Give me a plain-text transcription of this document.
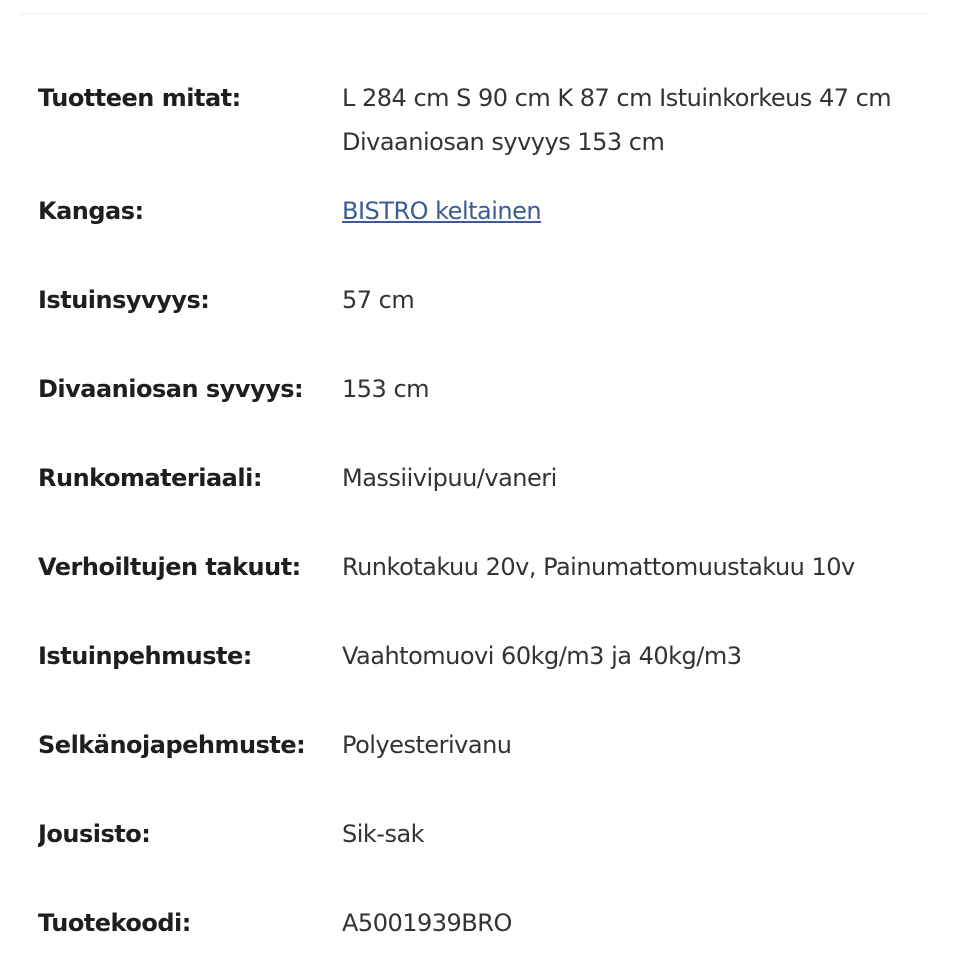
Tuotteen mitat:	L 284 cm S 90 cm K 87 cm Istuinkorkeus 47 cm Divaaniosan syvyys 153 cm
Kangas:	BISTRO keltainen
Istuinsyvyys:	57 cm
Divaaniosan syvyys:	153 cm
Runkomateriaali:	Massiivipuu/vaneri
Verhoiltujen takuut:	Runkotakuu 20v, Painumattomuustakuu 10v
Istuinpehmuste:	Vaahtomuovi 60kg/m3 ja 40kg/m3
Selkänojapehmuste:	Polyesterivanu
Jousisto:	Sik-sak
Tuotekoodi:	A5001939BRO
